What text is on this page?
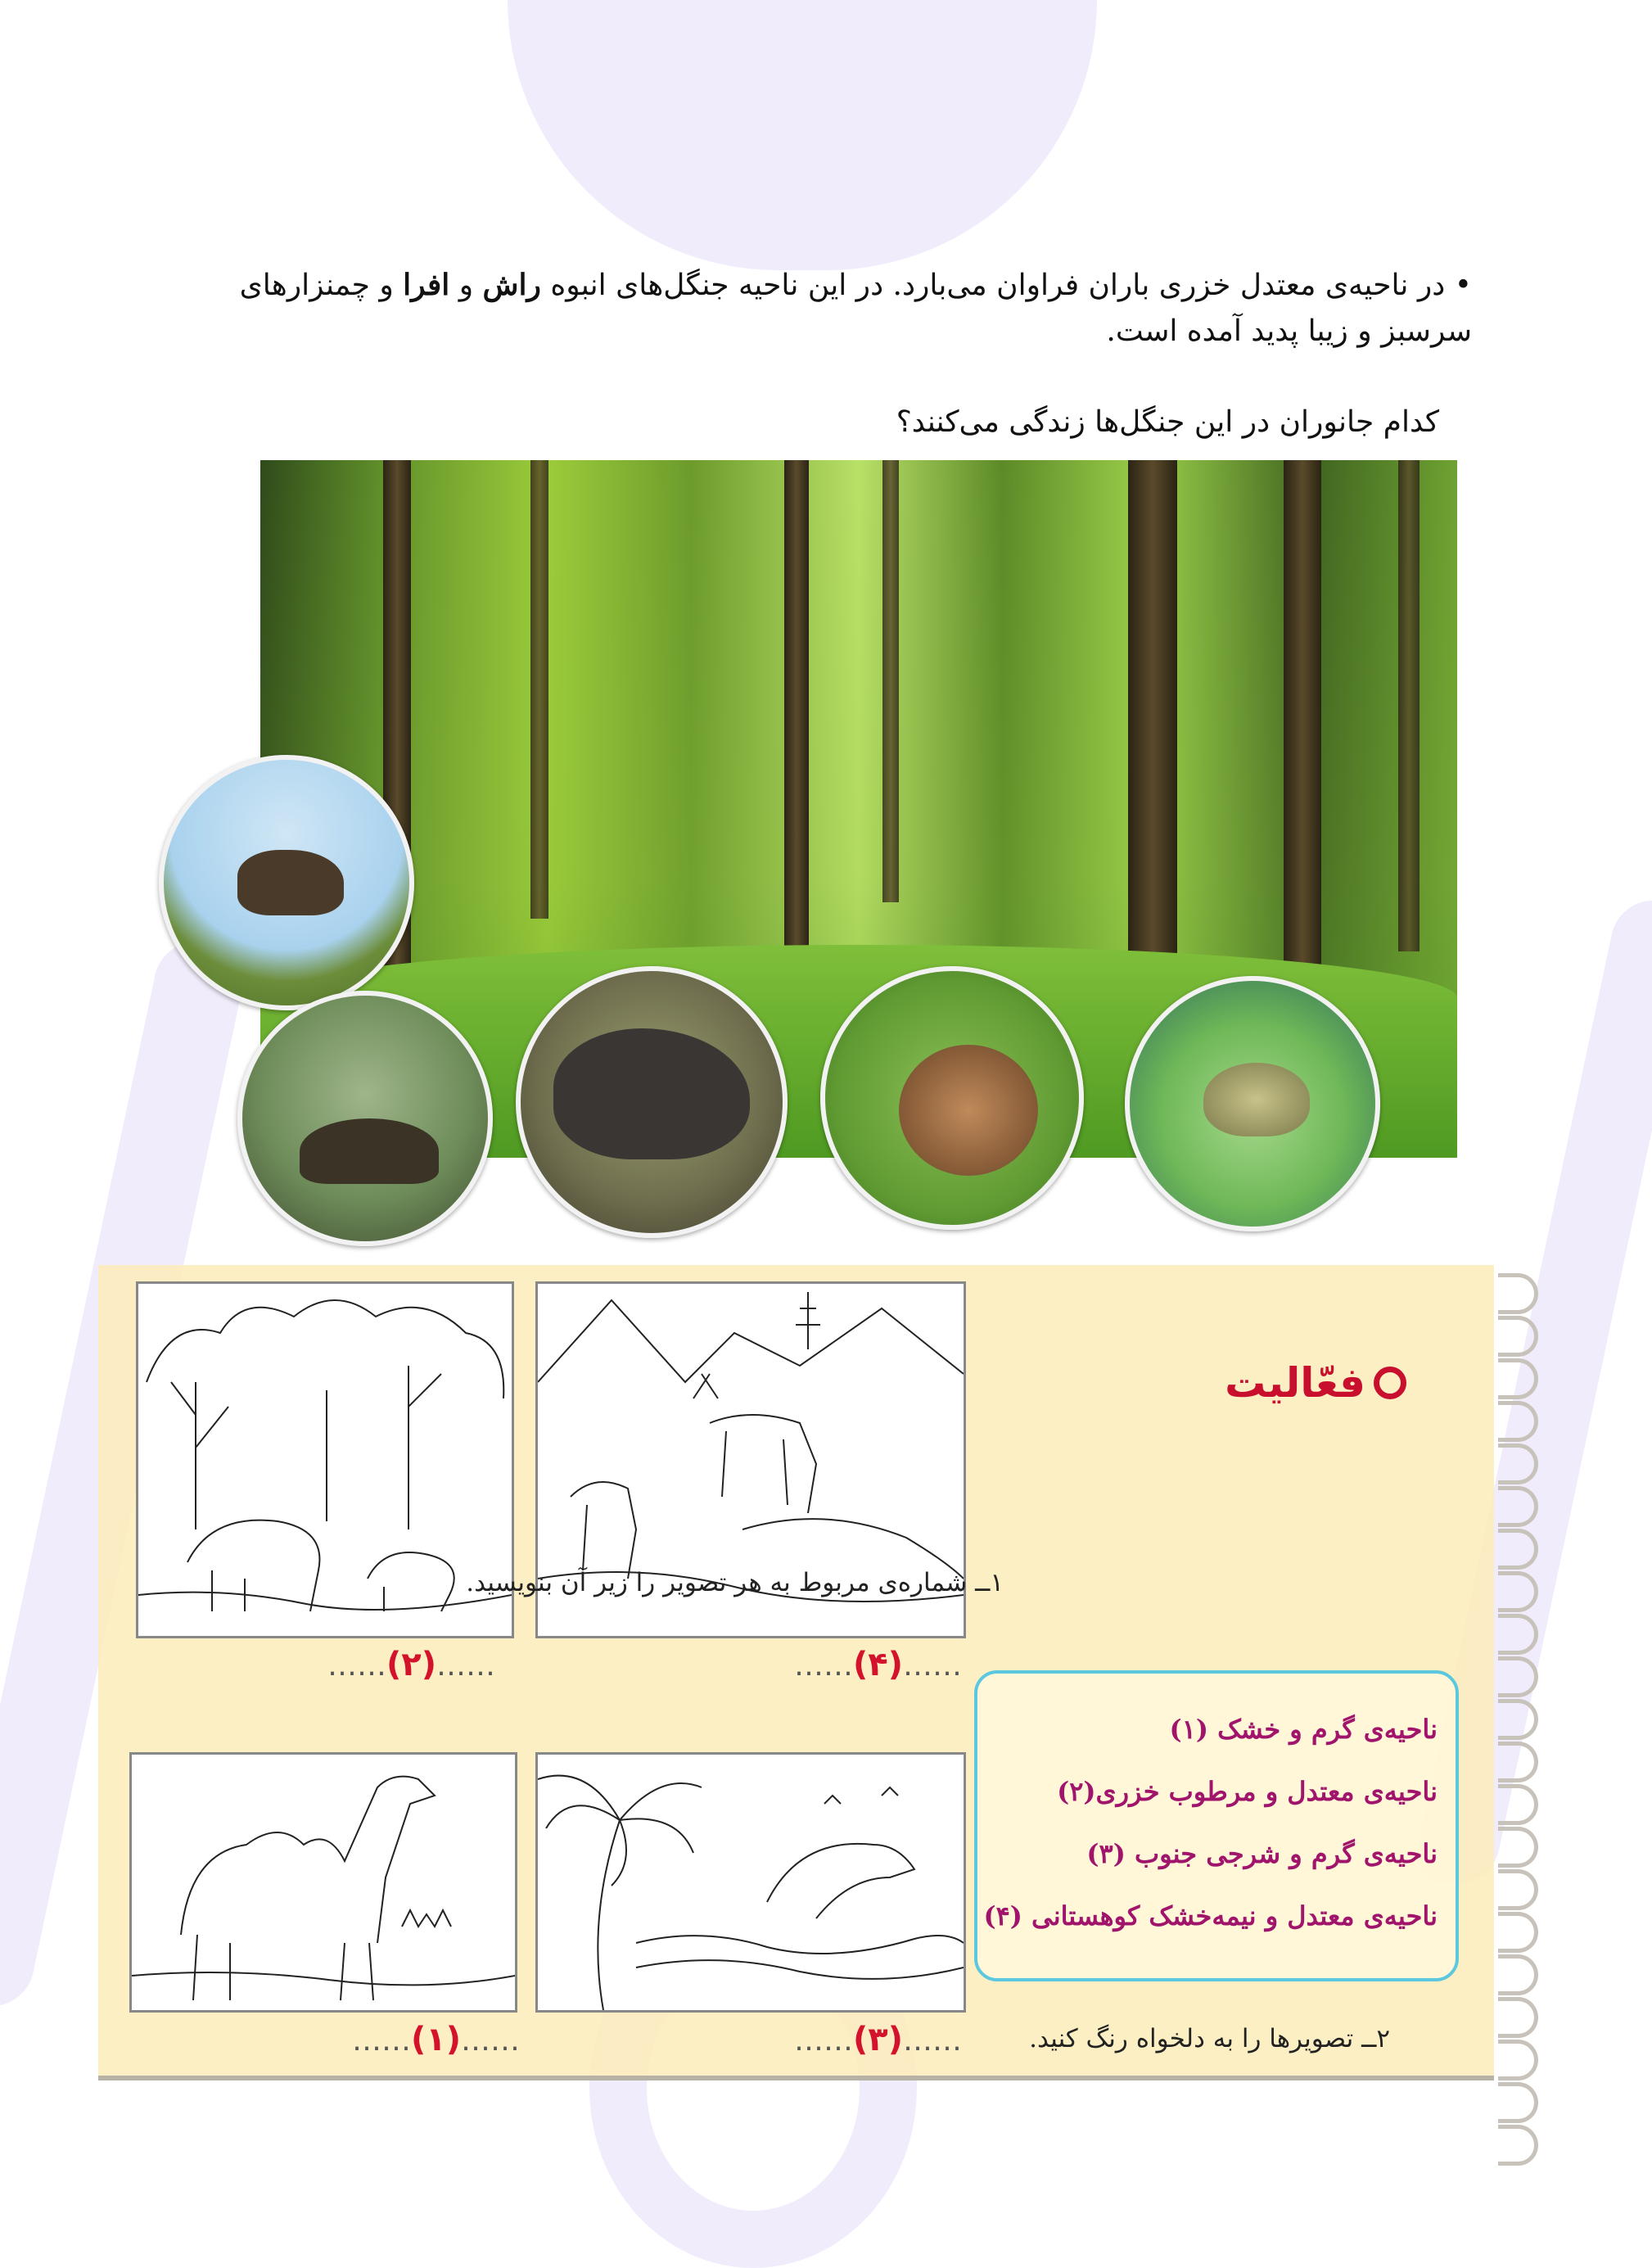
• در ناحیه‌ی معتدل خزری باران فراوان می‌بارد. در این ناحیه جنگل‌های انبوه راش و افرا و چمنزارهای سرسبز و زیبا پدید آمده است.
کدام جانوران در این جنگل‌ها زندگی می‌کنند؟
فعّالیت
……(۲)……	……(۴)……
۱ــ شماره‌ی مربوط به هر تصویر را زیر آن بنویسید.
ناحیه‌ی گرم و خشک (۱)
ناحیه‌ی معتدل و مرطوب خزری(۲)
ناحیه‌ی گرم و شرجی جنوب (۳)
ناحیه‌ی معتدل و نیمه‌خشک کوهستانی (۴)
……(۱)……	……(۳)……	۲ــ تصویرها را به دلخواه رنگ کنید.
